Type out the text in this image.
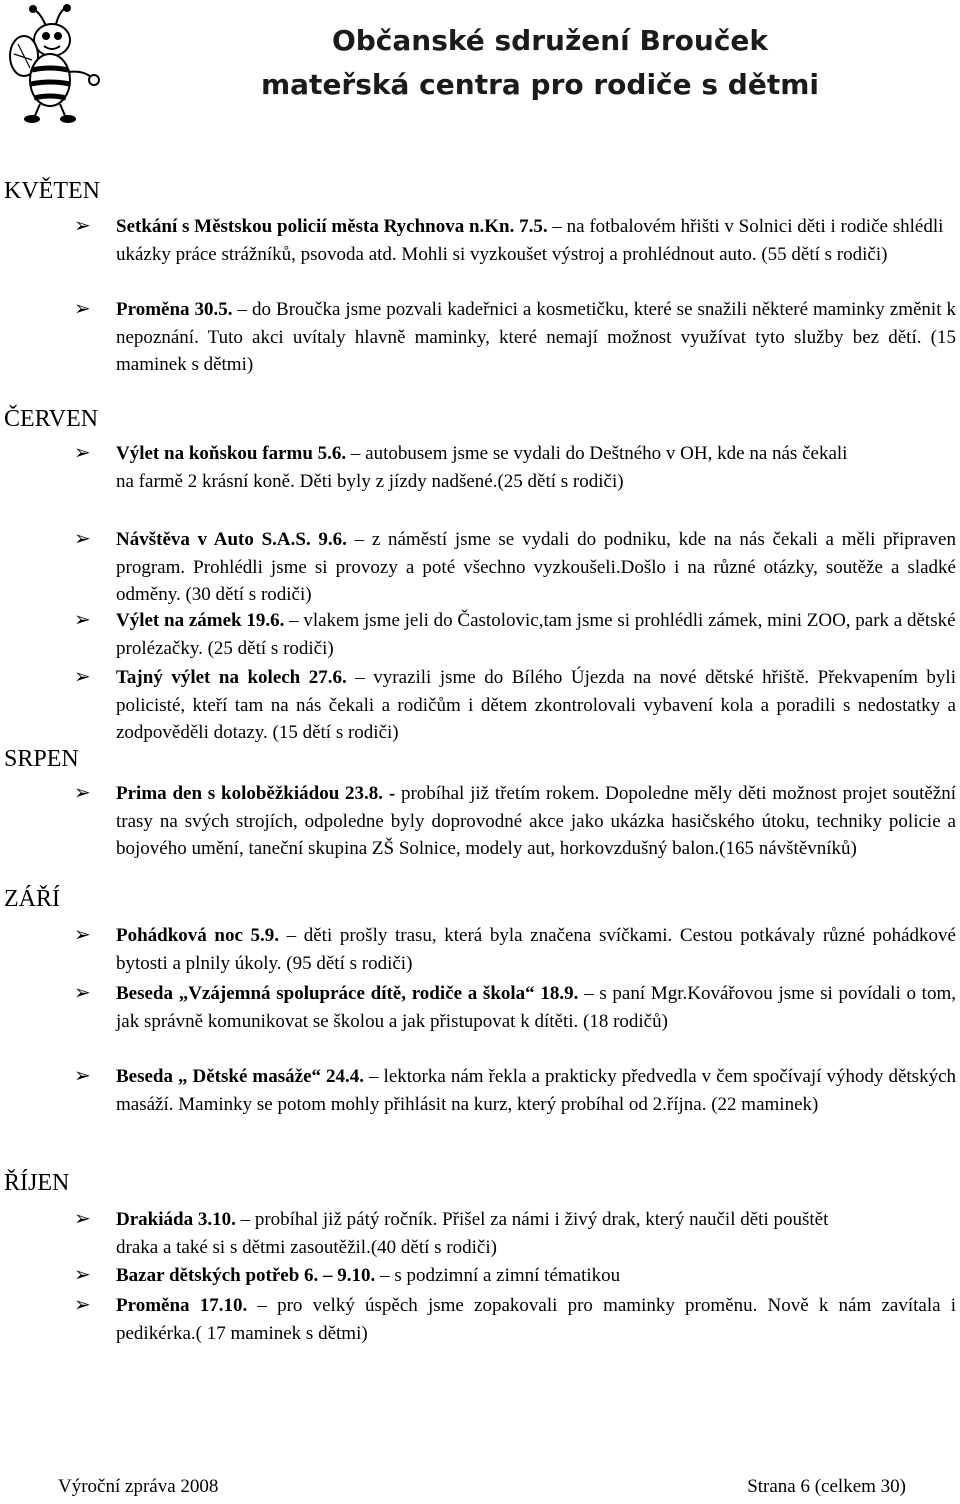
Občanské sdružení Brouček
mateřská centra pro rodiče s dětmi
KVĚTEN
➢ Setkání s Městskou policií města Rychnova n.Kn. 7.5. – na fotbalovém hřišti v Solnici děti i rodiče shlédli ukázky práce strážníků, psovoda atd. Mohli si vyzkoušet výstroj a prohlédnout auto. (55 dětí s rodiči)
➢ Proměna 30.5. – do Broučka jsme pozvali kadeřnici a kosmetičku, které se snažili některé maminky změnit k nepoznání. Tuto akci uvítaly hlavně maminky, které nemají možnost využívat tyto služby bez dětí. (15 maminek s dětmi)
ČERVEN
➢ Výlet na koňskou farmu 5.6. – autobusem jsme se vydali do Deštného v OH, kde na nás čekali na farmě 2 krásní koně. Děti byly z jízdy nadšené.(25 dětí s rodiči)
➢ Návštěva v Auto S.A.S. 9.6. – z náměstí jsme se vydali do podniku, kde na nás čekali a měli připraven program. Prohlédli jsme si provozy a poté všechno vyzkoušeli.Došlo i na různé otázky, soutěže a sladké odměny. (30 dětí s rodiči)
➢ Výlet na zámek 19.6. – vlakem jsme jeli do Častolovic,tam jsme si prohlédli zámek, mini ZOO, park a dětské prolézačky. (25 dětí s rodiči)
➢ Tajný výlet na kolech 27.6. – vyrazili jsme do Bílého Újezda na nové dětské hřiště. Překvapením byli policisté, kteří tam na nás čekali a rodičům i dětem zkontrolovali vybavení kola a poradili s nedostatky a zodpověděli dotazy. (15 dětí s rodiči)
SRPEN
➢ Prima den s koloběžkiádou 23.8. - probíhal již třetím rokem. Dopoledne měly děti možnost projet soutěžní trasy na svých strojích, odpoledne byly doprovodné akce jako ukázka hasičského útoku, techniky policie a bojového umění, taneční skupina ZŠ Solnice, modely aut, horkovzdušný balon.(165 návštěvníků)
ZÁŘÍ
➢ Pohádková noc 5.9. – děti prošly trasu, která byla značena svíčkami. Cestou potkávaly různé pohádkové bytosti a plnily úkoly. (95 dětí s rodiči)
➢ Beseda „Vzájemná spolupráce dítě, rodiče a škola“ 18.9. – s paní Mgr.Kovářovou jsme si povídali o tom, jak správně komunikovat se školou a jak přistupovat k dítěti. (18 rodičů)
➢ Beseda „ Dětské masáže“ 24.4. – lektorka nám řekla a prakticky předvedla v čem spočívají výhody dětských masáží. Maminky se potom mohly přihlásit na kurz, který probíhal od 2.října. (22 maminek)
ŘÍJEN
➢ Drakiáda 3.10. – probíhal již pátý ročník. Přišel za námi i živý drak, který naučil děti pouštět draka a také si s dětmi zasoutěžil.(40 dětí s rodiči)
➢ Bazar dětských potřeb 6. – 9.10. – s podzimní a zimní tématikou
➢ Proměna 17.10. – pro velký úspěch jsme zopakovali pro maminky proměnu. Nově k nám zavítala i pedikérka.( 17 maminek s dětmi)
Výroční zpráva 2008	Strana 6 (celkem 30)
